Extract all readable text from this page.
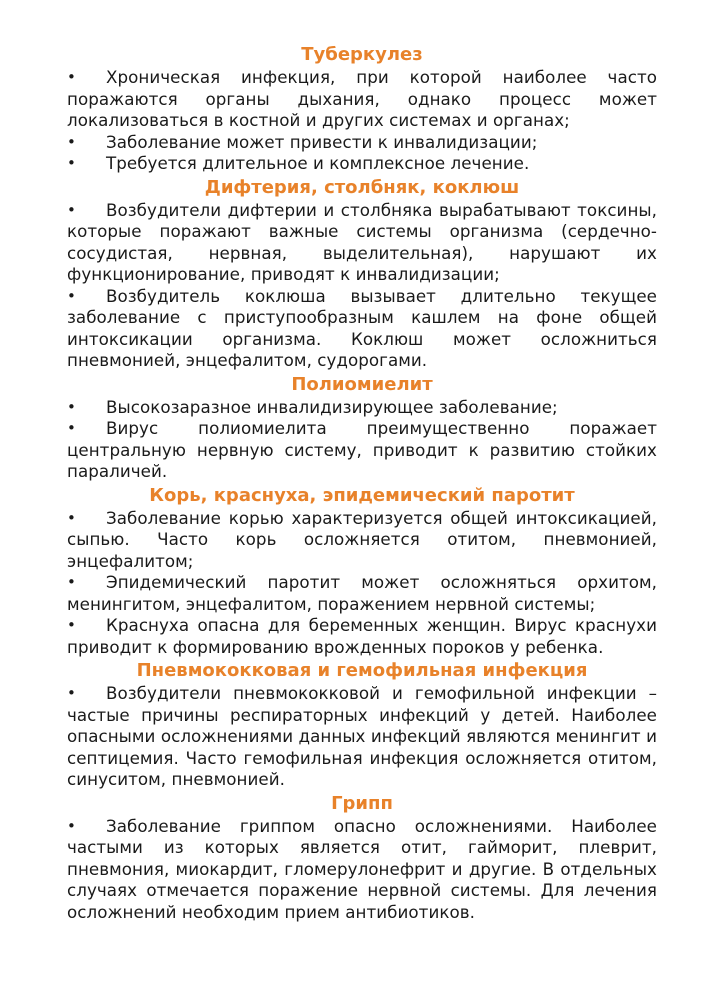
Туберкулез
• Хроническая инфекция, при которой наиболее часто поражаются органы дыхания, однако процесс может локализоваться в костной и других системах и органах;
• Заболевание может привести к инвалидизации;
• Требуется длительное и комплексное лечение.
Дифтерия, столбняк, коклюш
• Возбудители дифтерии и столбняка вырабатывают токсины, которые поражают важные системы организма (сердечно-сосудистая, нервная, выделительная), нарушают их функционирование, приводят к инвалидизации;
• Возбудитель коклюша вызывает длительно текущее заболевание с приступообразным кашлем на фоне общей интоксикации организма. Коклюш может осложниться пневмонией, энцефалитом, судорогами.
Полиомиелит
• Высокозаразное инвалидизирующее заболевание;
• Вирус полиомиелита преимущественно поражает центральную нервную систему, приводит к развитию стойких параличей.
Корь, краснуха, эпидемический паротит
• Заболевание корью характеризуется общей интоксикацией, сыпью. Часто корь осложняется отитом, пневмонией, энцефалитом;
• Эпидемический паротит может осложняться орхитом, менингитом, энцефалитом, поражением нервной системы;
• Краснуха опасна для беременных женщин. Вирус краснухи приводит к формированию врожденных пороков у ребенка.
Пневмококковая и гемофильная инфекция
• Возбудители пневмококковой и гемофильной инфекции – частые причины респираторных инфекций у детей. Наиболее опасными осложнениями данных инфекций являются менингит и септицемия. Часто гемофильная инфекция осложняется отитом, синуситом, пневмонией.
Грипп
• Заболевание гриппом опасно осложнениями. Наиболее частыми из которых является отит, гайморит, плеврит, пневмония, миокардит, гломерулонефрит и другие. В отдельных случаях отмечается поражение нервной системы. Для лечения осложнений необходим прием антибиотиков.
